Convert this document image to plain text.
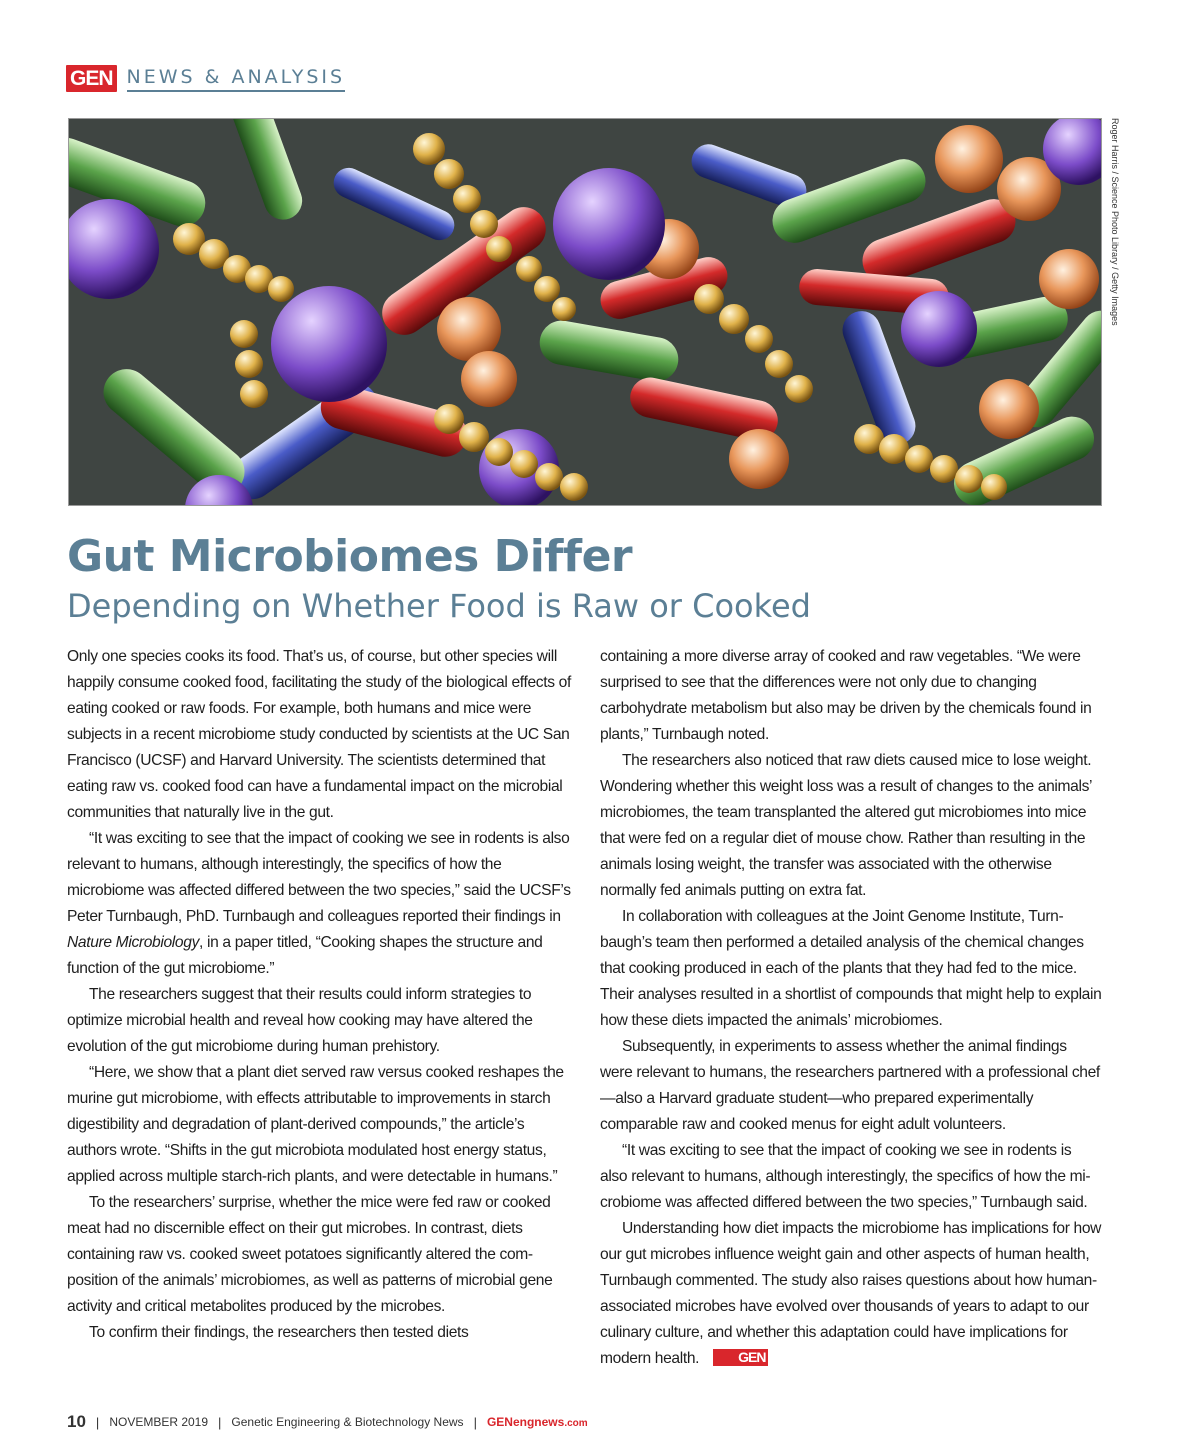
GEN NEWS & ANALYSIS
Roger Harris / Science Photo Library / Getty Images
Gut Microbiomes Differ
Depending on Whether Food is Raw or Cooked

Only one species cooks its food. That’s us, of course, but other species will happily consume cooked food, facilitating the study of the biological effects of eating cooked or raw foods. For example, both humans and mice were subjects in a recent microbiome study conducted by scientists at the UC San Francisco (UCSF) and Harvard University. The scientists determined that eating raw vs. cooked food can have a fundamental impact on the microbial communities that naturally live in the gut.

“It was exciting to see that the impact of cooking we see in rodents is also relevant to humans, although interestingly, the specifics of how the microbiome was affected differed between the two species,” said the UCSF’s Peter Turnbaugh, PhD. Turnbaugh and colleagues reported their findings in Nature Microbiology, in a paper titled, “Cooking shapes the structure and function of the gut microbiome.”

The researchers suggest that their results could inform strategies to optimize microbial health and reveal how cooking may have altered the evolution of the gut microbiome during human prehistory.

“Here, we show that a plant diet served raw versus cooked reshapes the murine gut microbiome, with effects attributable to improvements in starch digestibility and degradation of plant-derived compounds,” the article’s authors wrote. “Shifts in the gut microbiota modulated host energy status, applied across multiple starch-rich plants, and were detectable in humans.”

To the researchers’ surprise, whether the mice were fed raw or cooked meat had no discernible effect on their gut microbes. In contrast, diets containing raw vs. cooked sweet potatoes significantly altered the composition of the animals’ microbiomes, as well as patterns of microbial gene activity and critical metabolites produced by the microbes.

To confirm their findings, the researchers then tested diets

containing a more diverse array of cooked and raw vegetables. “We were surprised to see that the differences were not only due to changing carbohydrate metabolism but also may be driven by the chemicals found in plants,” Turnbaugh noted.

The researchers also noticed that raw diets caused mice to lose weight. Wondering whether this weight loss was a result of changes to the animals’ microbiomes, the team transplanted the altered gut microbiomes into mice that were fed on a regular diet of mouse chow. Rather than resulting in the animals losing weight, the transfer was associated with the otherwise normally fed animals putting on extra fat.

In collaboration with colleagues at the Joint Genome Institute, Turnbaugh’s team then performed a detailed analysis of the chemical changes that cooking produced in each of the plants that they had fed to the mice. Their analyses resulted in a shortlist of compounds that might help to explain how these diets impacted the animals’ microbiomes.

Subsequently, in experiments to assess whether the animal findings were relevant to humans, the researchers partnered with a professional chef—also a Harvard graduate student—who prepared experimentally comparable raw and cooked menus for eight adult volunteers.

“It was exciting to see that the impact of cooking we see in rodents is also relevant to humans, although interestingly, the specifics of how the microbiome was affected differed between the two species,” Turnbaugh said.

Understanding how diet impacts the microbiome has implications for how our gut microbes influence weight gain and other aspects of human health, Turnbaugh commented. The study also raises questions about how human-associated microbes have evolved over thousands of years to adapt to our culinary culture, and whether this adaptation could have implications for modern health.	GEN

10 | NOVEMBER 2019 | Genetic Engineering & Biotechnology News | GENengnews.com
